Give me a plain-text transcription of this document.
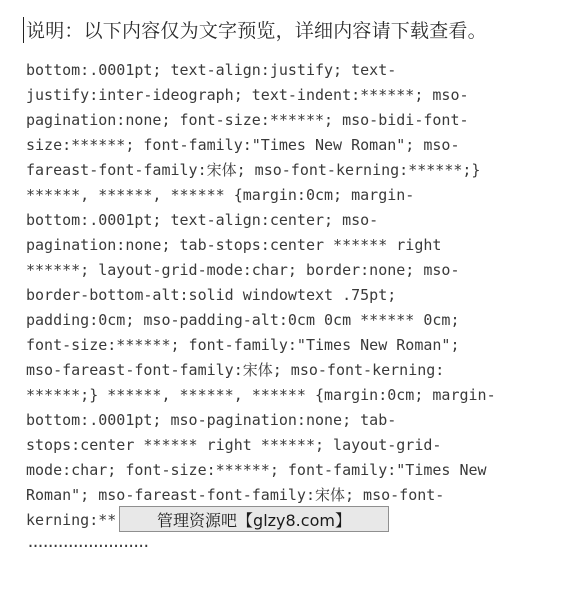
说明：以下内容仅为文字预览，详细内容请下载查看。
bottom:.0001pt; text-align:justify; text-
justify:inter-ideograph; text-indent:******; mso-
pagination:none; font-size:******; mso-bidi-font-
size:******; font-family:"Times New Roman"; mso-
fareast-font-family:宋体; mso-font-kerning:******;}
******, ******, ****** {margin:0cm; margin-
bottom:.0001pt; text-align:center; mso-
pagination:none; tab-stops:center ****** right
******; layout-grid-mode:char; border:none; mso-
border-bottom-alt:solid windowtext .75pt;
padding:0cm; mso-padding-alt:0cm 0cm ****** 0cm;
font-size:******; font-family:"Times New Roman";
mso-fareast-font-family:宋体; mso-font-kerning:
******;} ******, ******, ****** {margin:0cm; margin-
bottom:.0001pt; mso-pagination:none; tab-
stops:center ****** right ******; layout-grid-
mode:char; font-size:******; font-family:"Times New
Roman"; mso-fareast-font-family:宋体; mso-font-
kerning:**	管理资源吧【glzy8.com】
........................
